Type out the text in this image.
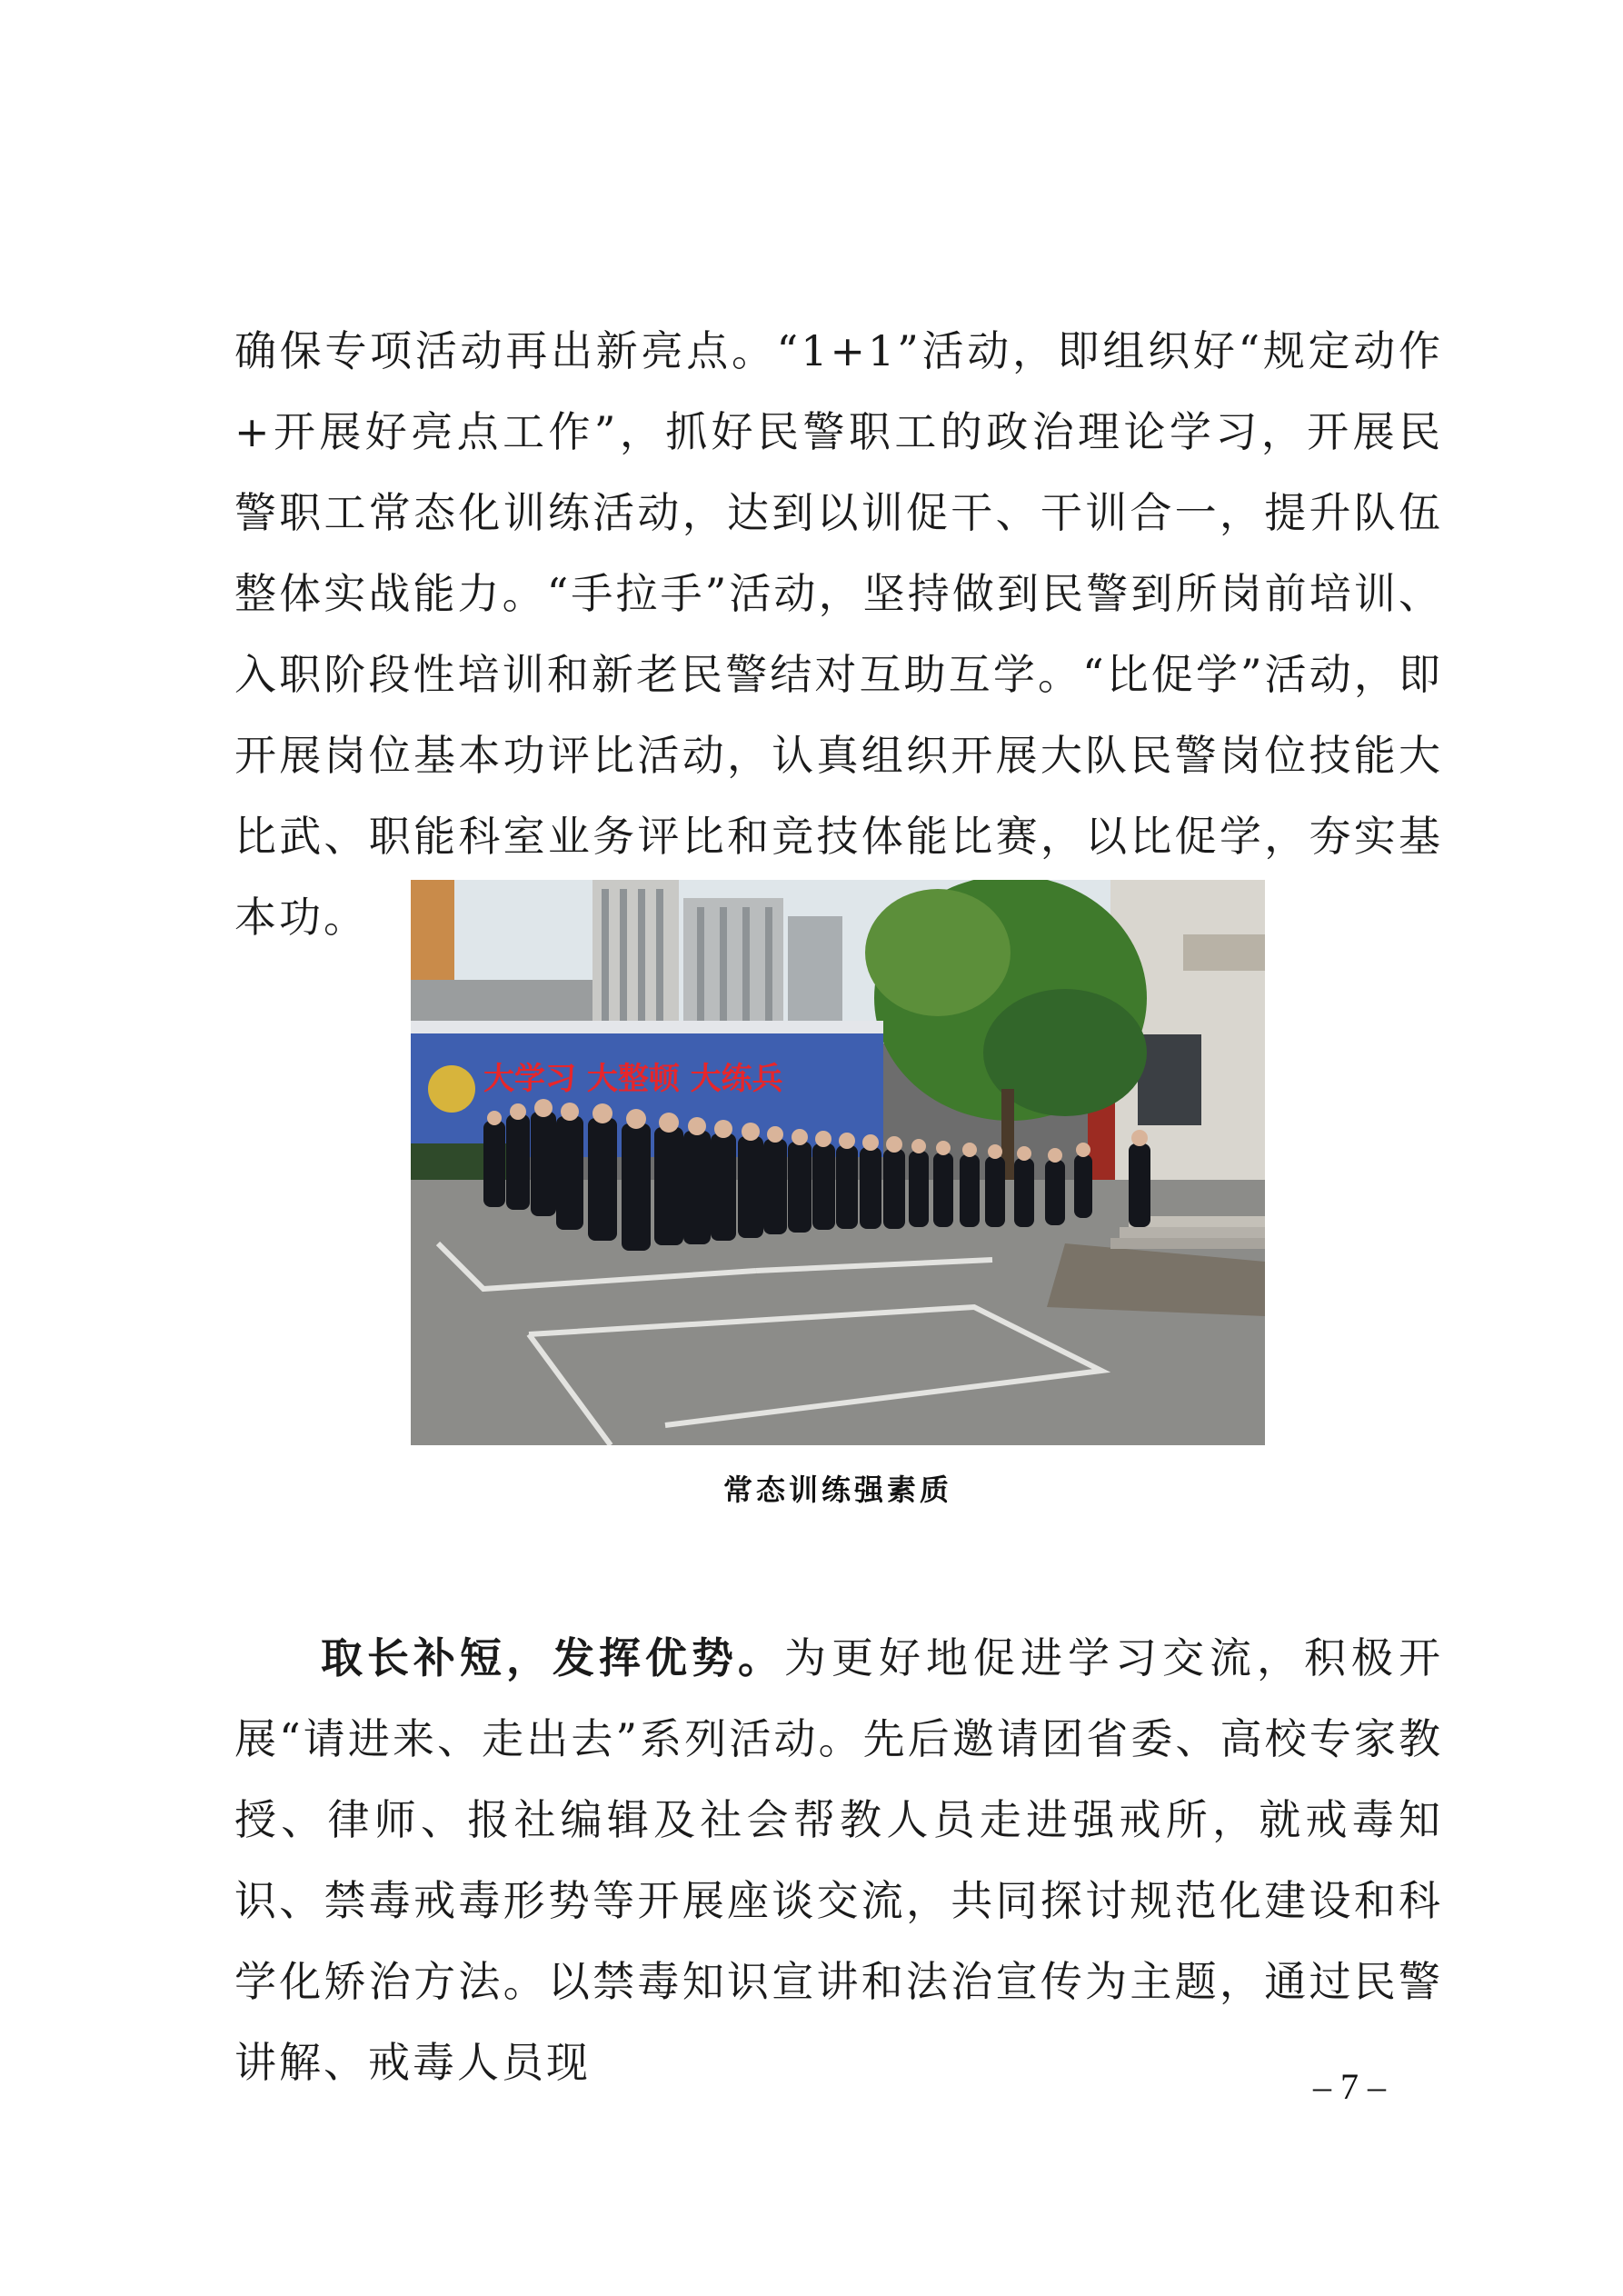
确保专项活动再出新亮点。“1+1”活动，即组织好“规定动作+开展好亮点工作”，抓好民警职工的政治理论学习，开展民警职工常态化训练活动，达到以训促干、干训合一，提升队伍整体实战能力。“手拉手”活动，坚持做到民警到所岗前培训、入职阶段性培训和新老民警结对互助互学。“比促学”活动，即开展岗位基本功评比活动，认真组织开展大队民警岗位技能大比武、职能科室业务评比和竞技体能比赛，以比促学，夯实基本功。

大学习 大整顿 大练兵
常态训练强素质

取长补短，发挥优势。为更好地促进学习交流，积极开展“请进来、走出去”系列活动。先后邀请团省委、高校专家教授、律师、报社编辑及社会帮教人员走进强戒所，就戒毒知识、禁毒戒毒形势等开展座谈交流，共同探讨规范化建设和科学化矫治方法。以禁毒知识宣讲和法治宣传为主题，通过民警讲解、戒毒人员现	– 7 –
